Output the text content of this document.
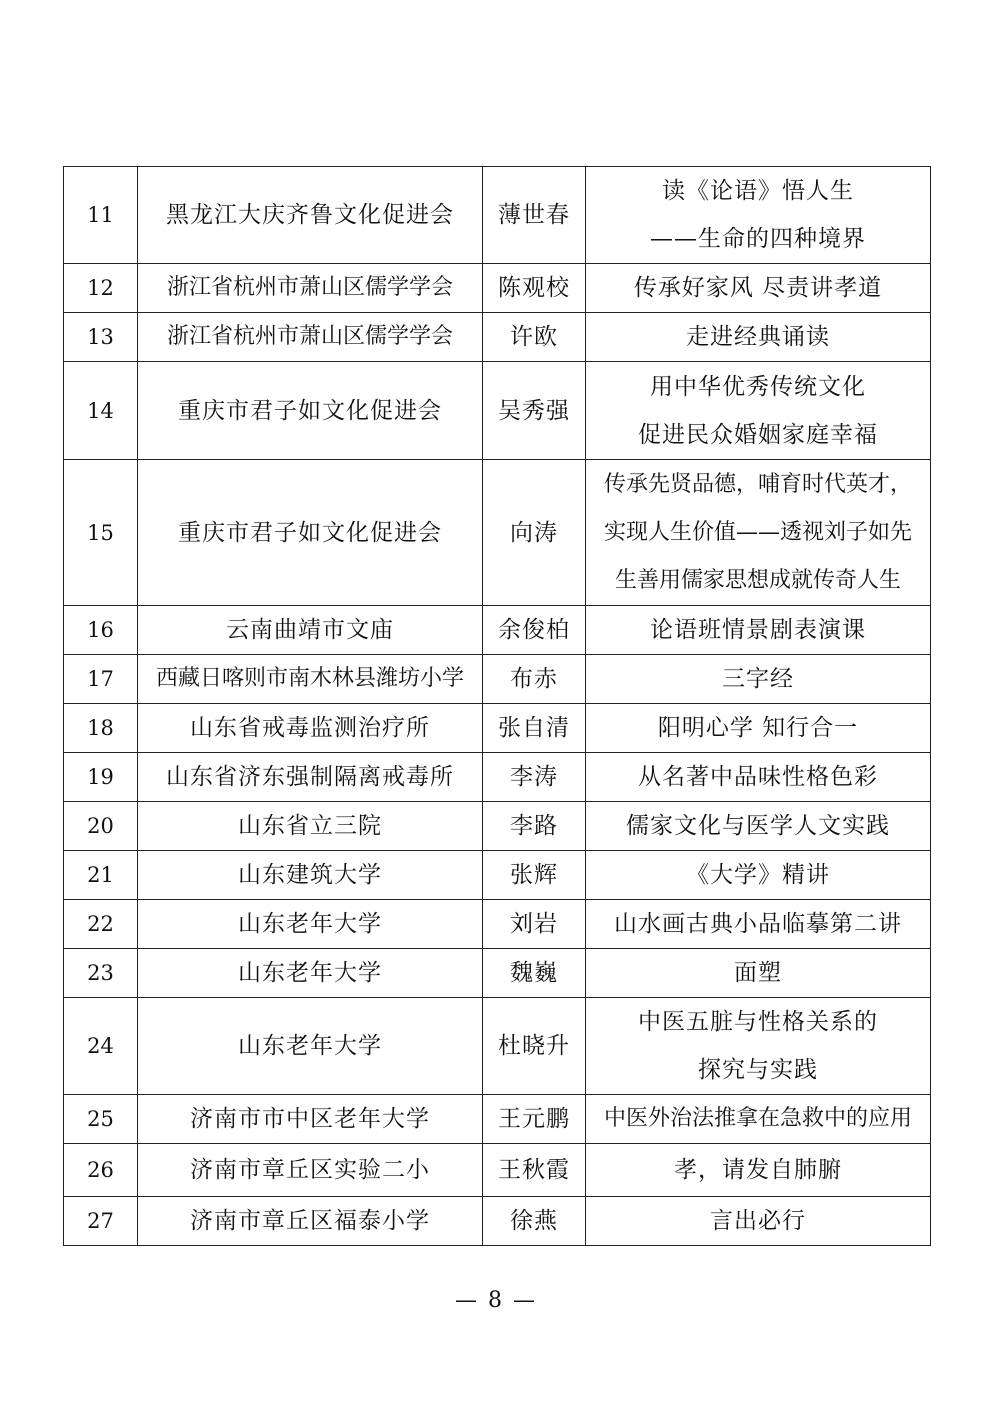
11	黑龙江大庆齐鲁文化促进会	薄世春	读《论语》悟人生
——生命的四种境界

12	浙江省杭州市萧山区儒学学会	陈观校	传承好家风 尽责讲孝道

13	浙江省杭州市萧山区儒学学会	许欧	走进经典诵读

14	重庆市君子如文化促进会	吴秀强	用中华优秀传统文化
促进民众婚姻家庭幸福

15	重庆市君子如文化促进会	向涛	传承先贤品德，哺育时代英才，
实现人生价值——透视刘子如先
生善用儒家思想成就传奇人生

16	云南曲靖市文庙	余俊柏	论语班情景剧表演课

17	西藏日喀则市南木林县潍坊小学	布赤	三字经

18	山东省戒毒监测治疗所	张自清	阳明心学 知行合一

19	山东省济东强制隔离戒毒所	李涛	从名著中品味性格色彩

20	山东省立三院	李路	儒家文化与医学人文实践

21	山东建筑大学	张辉	《大学》精讲

22	山东老年大学	刘岩	山水画古典小品临摹第二讲

23	山东老年大学	魏巍	面塑

24	山东老年大学	杜晓升	中医五脏与性格关系的
探究与实践

25	济南市市中区老年大学	王元鹏	中医外治法推拿在急救中的应用

26	济南市章丘区实验二小	王秋霞	孝，请发自肺腑

27	济南市章丘区福泰小学	徐燕	言出必行
— 8 —
